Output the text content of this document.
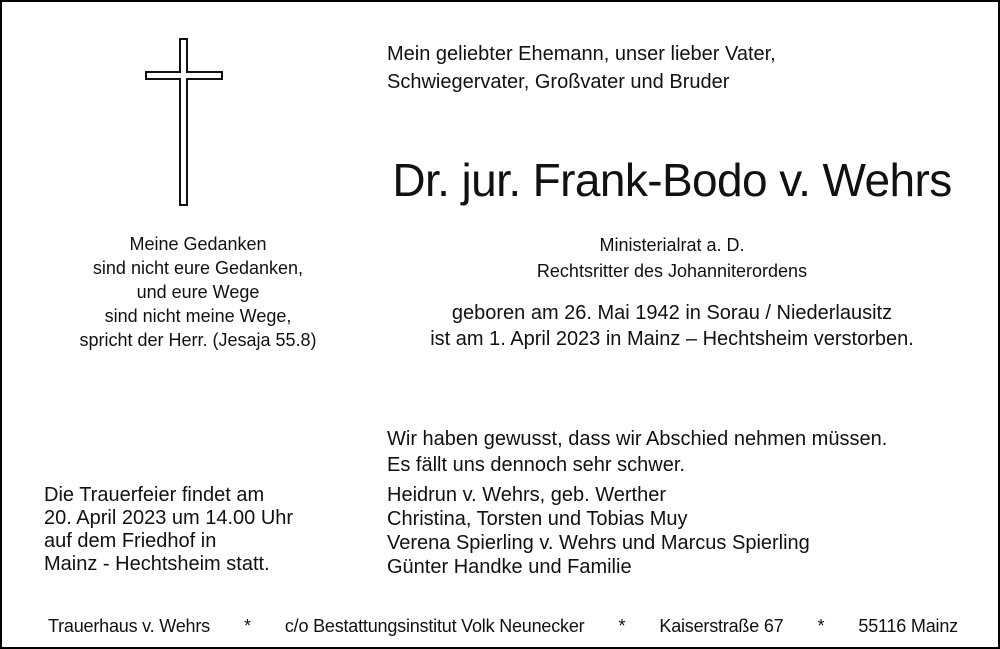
Mein geliebter Ehemann, unser lieber Vater,
Schwiegervater, Großvater und Bruder
Dr. jur. Frank-Bodo v. Wehrs
Ministerialrat a. D.
Rechtsritter des Johanniterordens
geboren am 26. Mai 1942 in Sorau / Niederlausitz
ist am 1. April 2023 in Mainz – Hechtsheim verstorben.
Meine Gedanken
sind nicht eure Gedanken,
und eure Wege
sind nicht meine Wege,
spricht der Herr. (Jesaja 55.8)
Wir haben gewusst, dass wir Abschied nehmen müssen.
Es fällt uns dennoch sehr schwer.
Heidrun v. Wehrs, geb. Werther
Christina, Torsten und Tobias Muy
Verena Spierling v. Wehrs und Marcus Spierling
Günter Handke und Familie
Die Trauerfeier findet am
20. April 2023 um 14.00 Uhr
auf dem Friedhof in
Mainz - Hechtsheim statt.
Trauerhaus v. Wehrs * c/o Bestattungsinstitut Volk Neunecker * Kaiserstraße 67 * 55116 Mainz
